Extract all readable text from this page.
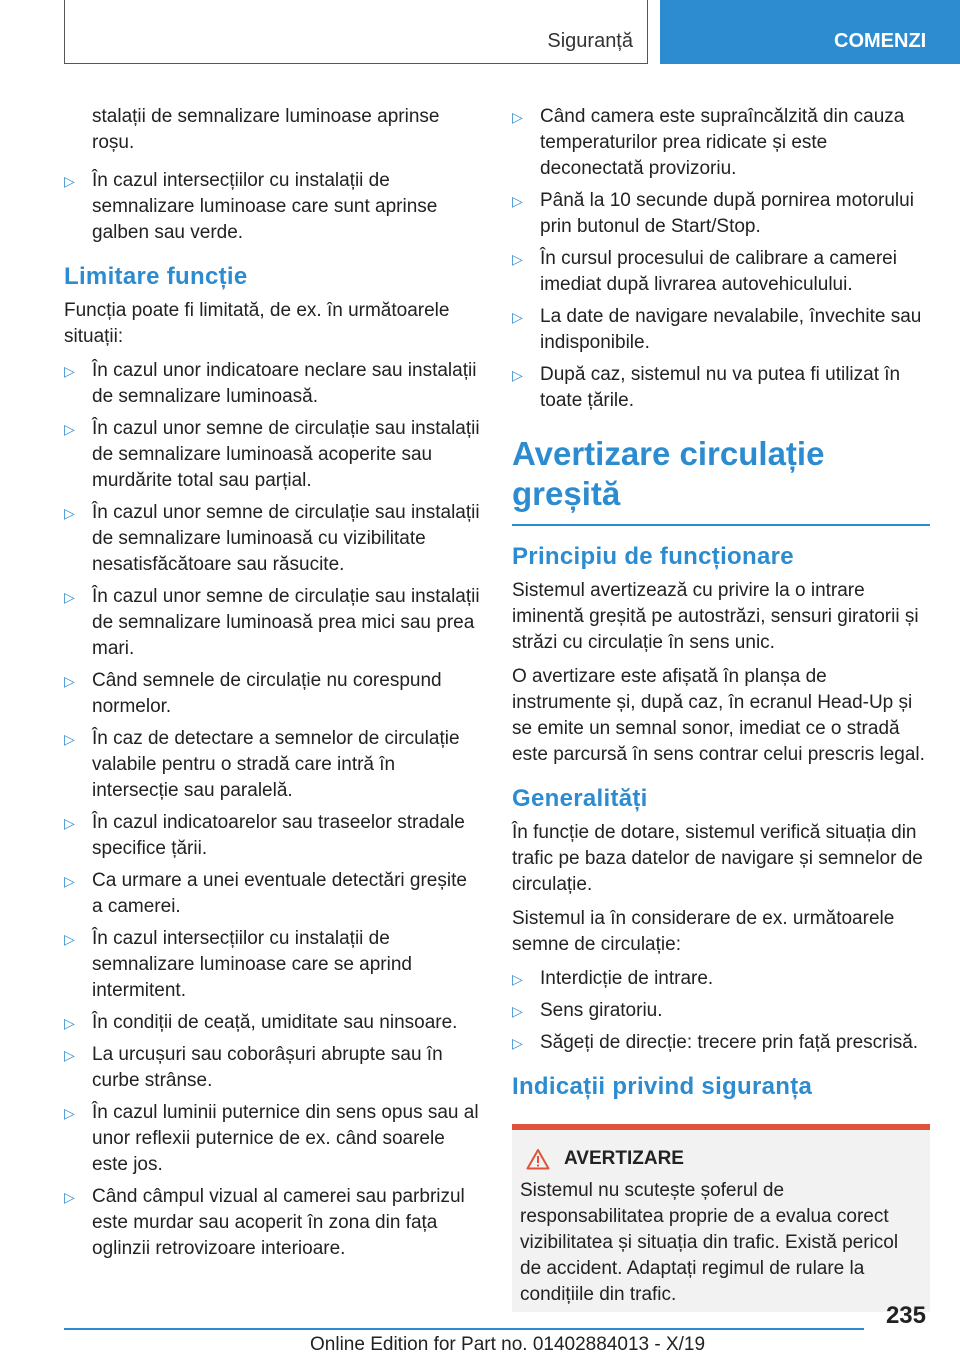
Siguranță	COMENZI

stalații de semnalizare luminoase aprinse roșu.

▷ În cazul intersecțiilor cu instalații de semnalizare luminoase care sunt aprinse galben sau verde.
Limitare funcție

Funcția poate fi limitată, de ex. în următoarele situații:

▷ În cazul unor indicatoare neclare sau instalații de semnalizare luminoasă.
▷ În cazul unor semne de circulație sau instalații de semnalizare luminoasă acoperite sau murdărite total sau parțial.
▷ În cazul unor semne de circulație sau instalații de semnalizare luminoasă cu vizibilitate nesatisfăcătoare sau răsucite.
▷ În cazul unor semne de circulație sau instalații de semnalizare luminoasă prea mici sau prea mari.
▷ Când semnele de circulație nu corespund normelor.
▷ În caz de detectare a semnelor de circulație valabile pentru o stradă care intră în intersecție sau paralelă.
▷ În cazul indicatoarelor sau traseelor stradale specifice țării.
▷ Ca urmare a unei eventuale detectări greșite a camerei.
▷ În cazul intersecțiilor cu instalații de semnalizare luminoase care se aprind intermitent.
▷ În condiții de ceață, umiditate sau ninsoare.
▷ La urcușuri sau coborâșuri abrupte sau în curbe strânse.
▷ În cazul luminii puternice din sens opus sau al unor reflexii puternice de ex. când soarele este jos.
▷ Când câmpul vizual al camerei sau parbrizul este murdar sau acoperit în zona din fața oglinzii retrovizoare interioare.
▷ Când camera este supraîncălzită din cauza temperaturilor prea ridicate și este deconectată provizoriu.
▷ Până la 10 secunde după pornirea motorului prin butonul de Start/Stop.
▷ În cursul procesului de calibrare a camerei imediat după livrarea autovehiculului.
▷ La date de navigare nevalabile, învechite sau indisponibile.
▷ După caz, sistemul nu va putea fi utilizat în toate țările.
Avertizare circulație greșită
Principiu de funcționare

Sistemul avertizează cu privire la o intrare iminentă greșită pe autostrăzi, sensuri giratorii și străzi cu circulație în sens unic.

O avertizare este afișată în planșa de instrumente și, după caz, în ecranul Head-Up și se emite un semnal sonor, imediat ce o stradă este parcursă în sens contrar celui prescris legal.

Generalități

În funcție de dotare, sistemul verifică situația din trafic pe baza datelor de navigare și semnelor de circulație.

Sistemul ia în considerare de ex. următoarele semne de circulație:

▷ Interdicție de intrare.
▷ Sens giratoriu.
▷ Săgeți de direcție: trecere prin față prescrisă.
Indicații privind siguranța
AVERTIZARE

Sistemul nu scutește șoferul de responsabilitatea proprie de a evalua corect vizibilitatea și situația din trafic. Există pericol de accident. Adaptați regimul de rulare la condițiile din trafic.

235
Online Edition for Part no. 01402884013 - X/19
